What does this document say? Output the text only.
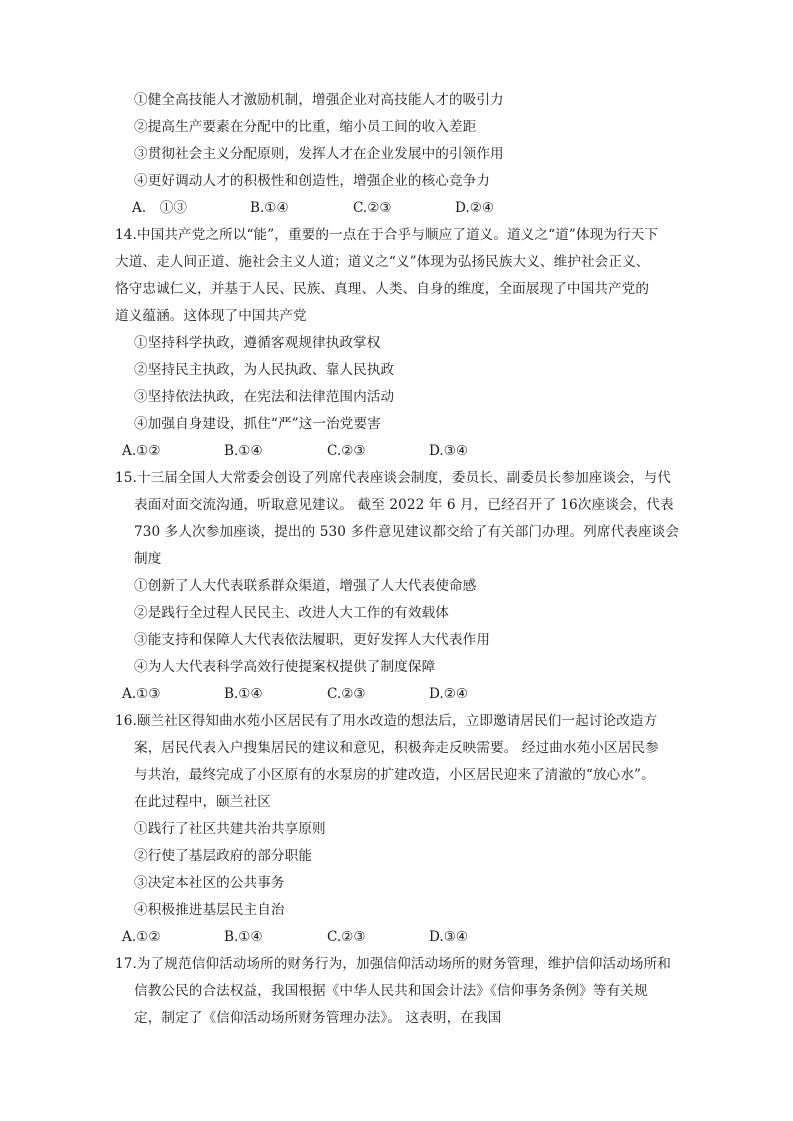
①健全高技能人才激励机制，增强企业对高技能人才的吸引力
②提高生产要素在分配中的比重，缩小员工间的收入差距
③贯彻社会主义分配原则，发挥人才在企业发展中的引领作用
④更好调动人才的积极性和创造性，增强企业的核心竞争力
A.　①③	B.①④	C.②③	D.②④
14.中国共产党之所以“能”，重要的一点在于合乎与顺应了道义。道义之“道”体现为行天下
大道、走人间正道、施社会主义人道；道义之“义”体现为弘扬民族大义、维护社会正义、
恪守忠诚仁义，并基于人民、民族、真理、人类、自身的维度，全面展现了中国共产党的
道义蕴涵。这体现了中国共产党
①坚持科学执政，遵循客观规律执政掌权
②坚持民主执政，为人民执政、靠人民执政
③坚持依法执政，在宪法和法律范围内活动
④加强自身建设，抓住“严”这一治党要害
A.①②	B.①④	C.②③	D.③④
15.十三届全国人大常委会创设了列席代表座谈会制度，委员长、副委员长参加座谈会，与代
表面对面交流沟通，听取意见建议。 截至 2022 年 6 月，已经召开了 16次座谈会，代表
730 多人次参加座谈，提出的 530 多件意见建议都交给了有关部门办理。列席代表座谈会
制度
①创新了人大代表联系群众渠道，增强了人大代表使命感
②是践行全过程人民民主、改进人大工作的有效载体
③能支持和保障人大代表依法履职，更好发挥人大代表作用
④为人大代表科学高效行使提案权提供了制度保障
A.①③	B.①④	C.②③	D.②④
16.颐兰社区得知曲水苑小区居民有了用水改造的想法后，立即邀请居民们一起讨论改造方
案，居民代表入户搜集居民的建议和意见，积极奔走反映需要。 经过曲水苑小区居民参
与共治，最终完成了小区原有的水泵房的扩建改造，小区居民迎来了清澈的“放心水”。
在此过程中，颐兰社区
①践行了社区共建共治共享原则
②行使了基层政府的部分职能
③决定本社区的公共事务
④积极推进基层民主自治
A.①②	B.①④	C.②③	D.③④
17.为了规范信仰活动场所的财务行为，加强信仰活动场所的财务管理，维护信仰活动场所和
信教公民的合法权益，我国根据《中华人民共和国会计法》《信仰事务条例》等有关规
定，制定了《信仰活动场所财务管理办法》。 这表明，在我国
